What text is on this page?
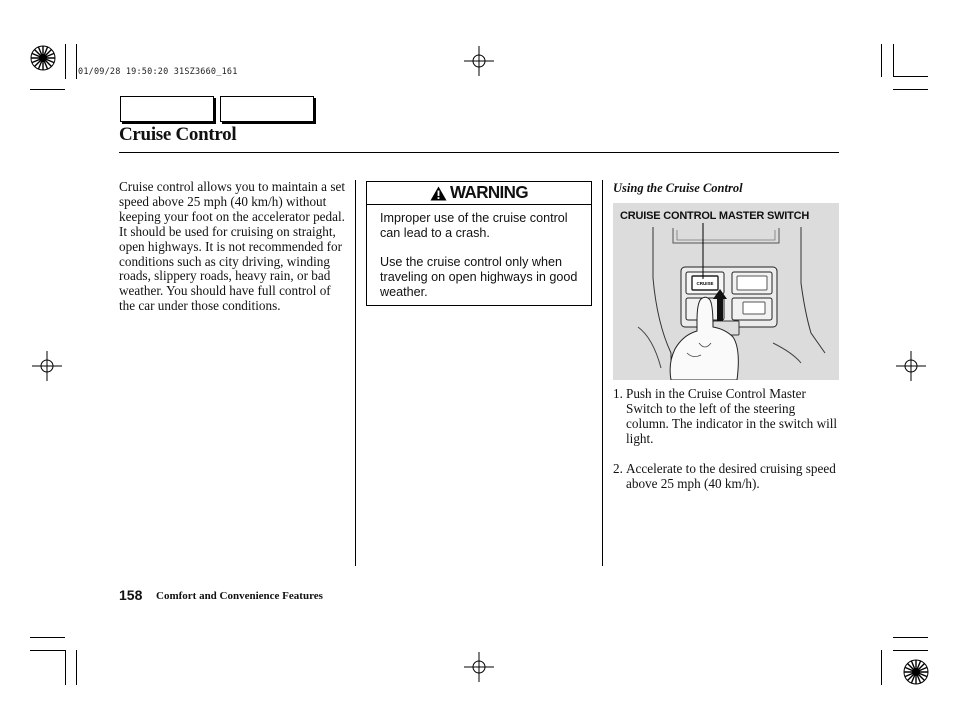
01/09/28 19:50:20 31SZ3660_161
Cruise Control
Cruise control allows you to maintain a set speed above 25 mph (40 km/h) without keeping your foot on the accelerator pedal. It should be used for cruising on straight, open highways. It is not recommended for conditions such as city driving, winding roads, slippery roads, heavy rain, or bad weather. You should have full control of the car under those conditions.
WARNING

Improper use of the cruise control can lead to a crash.

Use the cruise control only when traveling on open highways in good weather.

Using the Cruise Control
CRUISE CONTROL MASTER SWITCH
CRUISE
1. Push in the Cruise Control Master Switch to the left of the steering column. The indicator in the switch will light.
2. Accelerate to the desired cruising speed above 25 mph (40 km/h).
158 Comfort and Convenience Features
